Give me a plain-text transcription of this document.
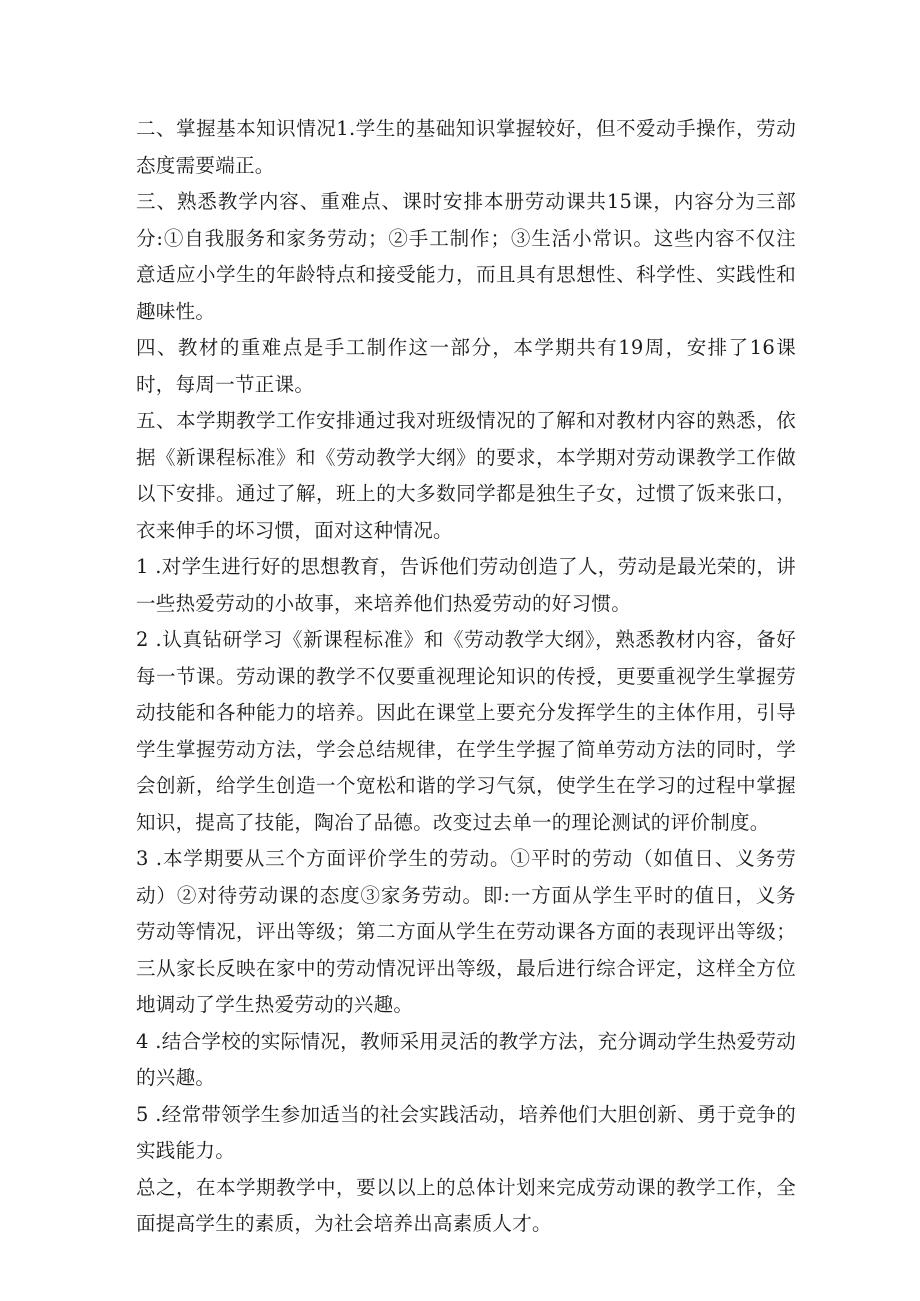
二、掌握基本知识情况1.学生的基础知识掌握较好，但不爱动手操作，劳动态度需要端正。

三、熟悉教学内容、重难点、课时安排本册劳动课共15课，内容分为三部分:①自我服务和家务劳动；②手工制作；③生活小常识。这些内容不仅注意适应小学生的年龄特点和接受能力，而且具有思想性、科学性、实践性和趣味性。

四、教材的重难点是手工制作这一部分，本学期共有19周，安排了16课时，每周一节正课。

五、本学期教学工作安排通过我对班级情况的了解和对教材内容的熟悉，依据《新课程标准》和《劳动教学大纲》的要求，本学期对劳动课教学工作做以下安排。通过了解，班上的大多数同学都是独生子女，过惯了饭来张口，衣来伸手的坏习惯，面对这种情况。

1 .对学生进行好的思想教育，告诉他们劳动创造了人，劳动是最光荣的，讲一些热爱劳动的小故事，来培养他们热爱劳动的好习惯。

2 .认真钻研学习《新课程标准》和《劳动教学大纲》，熟悉教材内容，备好每一节课。劳动课的教学不仅要重视理论知识的传授，更要重视学生掌握劳动技能和各种能力的培养。因此在课堂上要充分发挥学生的主体作用，引导学生掌握劳动方法，学会总结规律，在学生学握了简单劳动方法的同时，学会创新，给学生创造一个宽松和谐的学习气氛，使学生在学习的过程中掌握知识，提高了技能，陶冶了品德。改变过去单一的理论测试的评价制度。

3 .本学期要从三个方面评价学生的劳动。①平时的劳动（如值日、义务劳动）②对待劳动课的态度③家务劳动。即:一方面从学生平时的值日，义务劳动等情况，评出等级；第二方面从学生在劳动课各方面的表现评出等级；三从家长反映在家中的劳动情况评出等级，最后进行综合评定，这样全方位地调动了学生热爱劳动的兴趣。

4 .结合学校的实际情况，教师采用灵活的教学方法，充分调动学生热爱劳动的兴趣。

5 .经常带领学生参加适当的社会实践活动，培养他们大胆创新、勇于竞争的实践能力。

总之，在本学期教学中，要以以上的总体计划来完成劳动课的教学工作，全面提高学生的素质，为社会培养出高素质人才。
